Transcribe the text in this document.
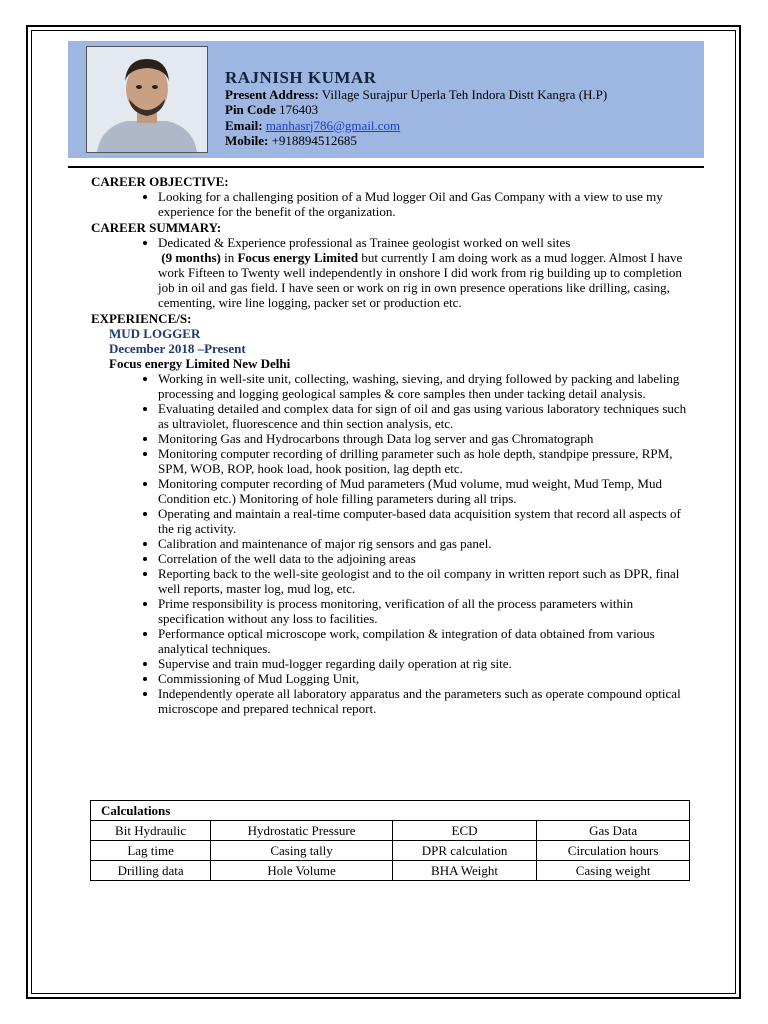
RAJNISH KUMAR
Present Address: Village Surajpur Uperla Teh Indora Distt Kangra (H.P)
Pin Code 176403
Email: manhasrj786@gmail.com
Mobile: +918894512685
CAREER OBJECTIVE:
• Looking for a challenging position of a Mud logger Oil and Gas Company with a view to use my experience for the benefit of the organization.
CAREER SUMMARY:
• Dedicated & Experience professional as Trainee geologist worked on well sites
(9 months) in Focus energy Limited but currently I am doing work as a mud logger. Almost I have work Fifteen to Twenty well independently in onshore I did work from rig building up to completion job in oil and gas field. I have seen or work on rig in own presence operations like drilling, casing, cementing, wire line logging, packer set or production etc.
EXPERIENCE/S:
MUD LOGGER
December 2018 –Present
Focus energy Limited New Delhi
• Working in well-site unit, collecting, washing, sieving, and drying followed by packing and labeling processing and logging geological samples & core samples then under tacking detail analysis.
• Evaluating detailed and complex data for sign of oil and gas using various laboratory techniques such as ultraviolet, fluorescence and thin section analysis, etc.
• Monitoring Gas and Hydrocarbons through Data log server and gas Chromatograph
• Monitoring computer recording of drilling parameter such as hole depth, standpipe pressure, RPM, SPM, WOB, ROP, hook load, hook position, lag depth etc.
• Monitoring computer recording of Mud parameters (Mud volume, mud weight, Mud Temp, Mud Condition etc.) Monitoring of hole filling parameters during all trips.
• Operating and maintain a real-time computer-based data acquisition system that record all aspects of the rig activity.
• Calibration and maintenance of major rig sensors and gas panel.
• Correlation of the well data to the adjoining areas
• Reporting back to the well-site geologist and to the oil company in written report such as DPR, final well reports, master log, mud log, etc.
• Prime responsibility is process monitoring, verification of all the process parameters within specification without any loss to facilities.
• Performance optical microscope work, compilation & integration of data obtained from various analytical techniques.
• Supervise and train mud-logger regarding daily operation at rig site.
• Commissioning of Mud Logging Unit,
• Independently operate all laboratory apparatus and the parameters such as operate compound optical microscope and prepared technical report.
Calculations			
Bit Hydraulic	Hydrostatic Pressure	ECD	Gas Data
Lag time	Casing tally	DPR calculation	Circulation hours
Drilling data	Hole Volume	BHA Weight	Casing weight
